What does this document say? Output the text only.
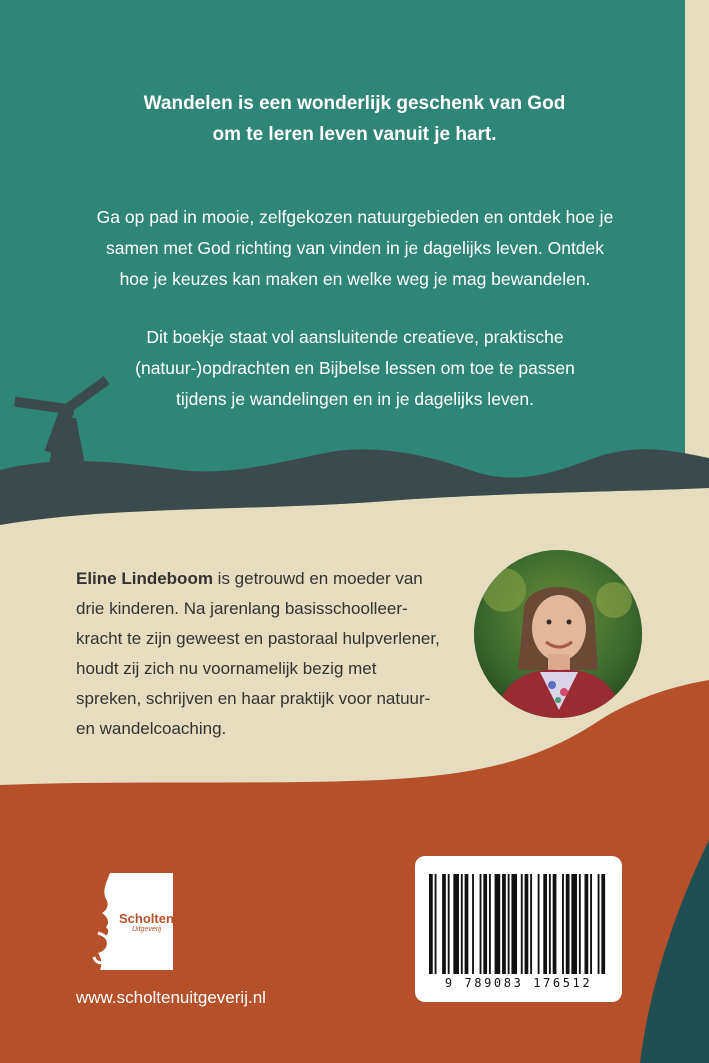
Wandelen is een wonderlijk geschenk van God
om te leren leven vanuit je hart.
Ga op pad in mooie, zelfgekozen natuurgebieden en ontdek hoe je
samen met God richting van vinden in je dagelijks leven. Ontdek
hoe je keuzes kan maken en welke weg je mag bewandelen.
Dit boekje staat vol aansluitende creatieve, praktische
(natuur-)opdrachten en Bijbelse lessen om toe te passen
tijdens je wandelingen en in je dagelijks leven.
Eline Lindeboom is getrouwd en moeder van
drie kinderen. Na jarenlang basisschoolleer-
kracht te zijn geweest en pastoraal hulpverlener,
houdt zij zich nu voornamelijk bezig met
spreken, schrijven en haar praktijk voor natuur-
en wandelcoaching.
Scholten
Uitgeverij
www.scholtenuitgeverij.nl
9 789083 176512
